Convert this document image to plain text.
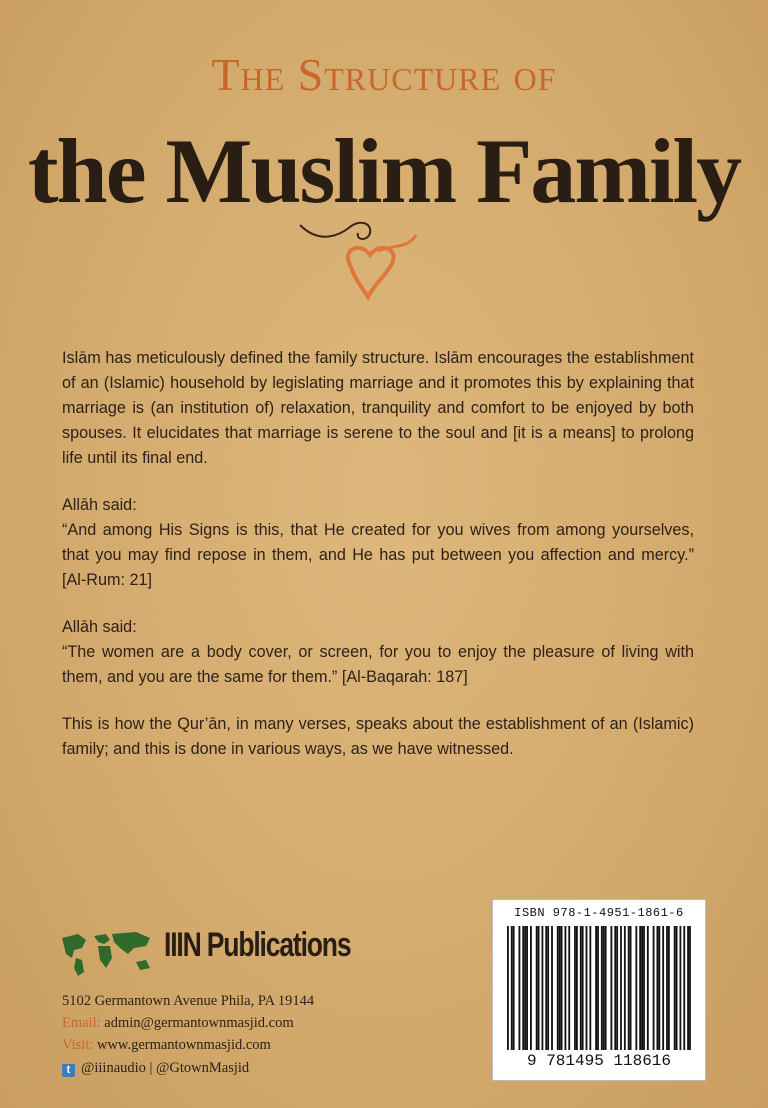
The Structure of
the Muslim Family

Islām has meticulously defined the family structure. Islām encourages the establishment of an (Islamic) household by legislating marriage and it promotes this by explaining that marriage is (an institution of) relaxation, tranquility and comfort to be enjoyed by both spouses. It elucidates that marriage is serene to the soul and [it is a means] to prolong life until its final end.

Allāh said:

“And among His Signs is this, that He created for you wives from among yourselves, that you may find repose in them, and He has put between you affection and mercy.” [Al-Rum: 21]

Allāh said:

“The women are a body cover, or screen, for you to enjoy the pleasure of living with them, and you are the same for them.” [Al-Baqarah: 187]

This is how the Qur’ān, in many verses, speaks about the establishment of an (Islamic) family; and this is done in various ways, as we have witnessed.

IIIN Publications
5102 Germantown Avenue Phila, PA 19144
Email: admin@germantownmasjid.com
Visit: www.germantownmasjid.com
t @iiinaudio | @GtownMasjid
ISBN 978-1-4951-1861-6
9 781495 118616
